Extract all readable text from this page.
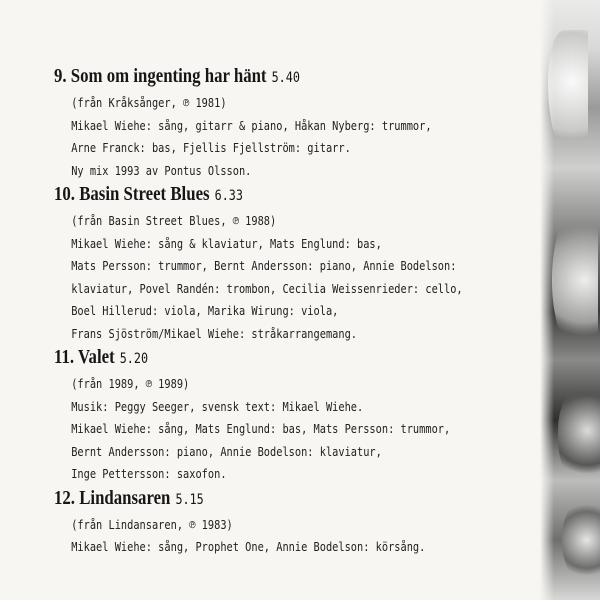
9. Som om ingenting har hänt 5.40
(från Kråksånger, ℗ 1981)
Mikael Wiehe: sång, gitarr & piano, Håkan Nyberg: trummor,
Arne Franck: bas, Fjellis Fjellström: gitarr.
Ny mix 1993 av Pontus Olsson.
10. Basin Street Blues 6.33
(från Basin Street Blues, ℗ 1988)
Mikael Wiehe: sång & klaviatur, Mats Englund: bas,
Mats Persson: trummor, Bernt Andersson: piano, Annie Bodelson:
klaviatur, Povel Randén: trombon, Cecilia Weissenrieder: cello,
Boel Hillerud: viola, Marika Wirung: viola,
Frans Sjöström/Mikael Wiehe: stråkarrangemang.
11. Valet 5.20
(från 1989, ℗ 1989)
Musik: Peggy Seeger, svensk text: Mikael Wiehe.
Mikael Wiehe: sång, Mats Englund: bas, Mats Persson: trummor,
Bernt Andersson: piano, Annie Bodelson: klaviatur,
Inge Pettersson: saxofon.
12. Lindansaren 5.15
(från Lindansaren, ℗ 1983)
Mikael Wiehe: sång, Prophet One, Annie Bodelson: körsång.
